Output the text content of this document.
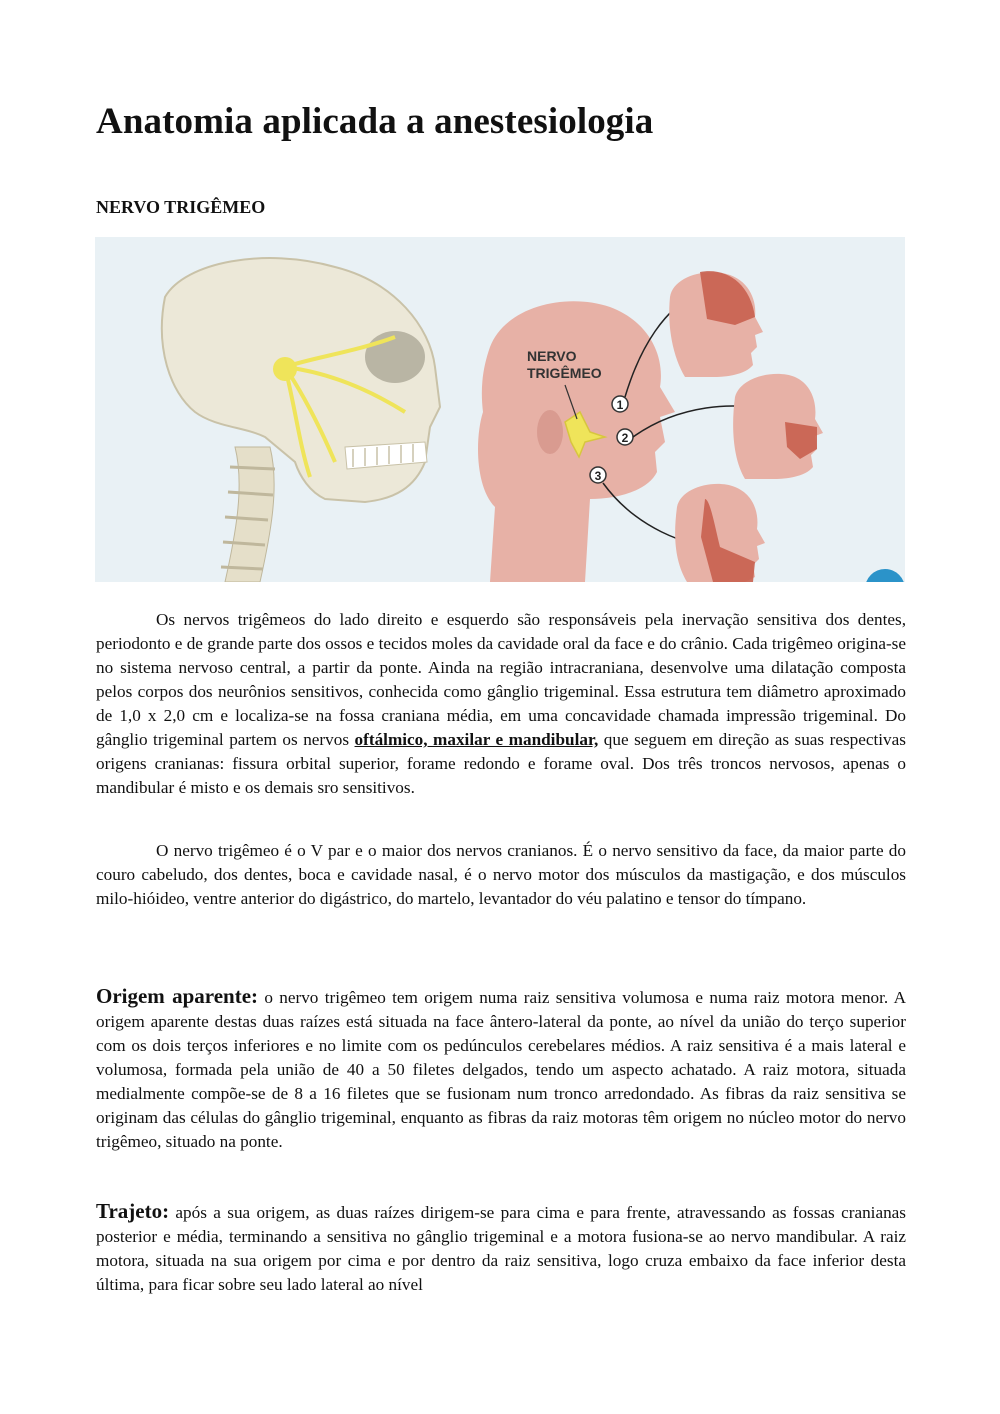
Anatomia aplicada a anestesiologia
NERVO TRIGÊMEO
NERVO
TRIGÊMEO
1
2
3

Os nervos trigêmeos do lado direito e esquerdo são responsáveis pela inervação sensitiva dos dentes, periodonto e de grande parte dos ossos e tecidos moles da cavidade oral da face e do crânio. Cada trigêmeo origina-se no sistema nervoso central, a partir da ponte. Ainda na região intracraniana, desenvolve uma dilatação composta pelos corpos dos neurônios sensitivos, conhecida como gânglio trigeminal. Essa estrutura tem diâmetro aproximado de 1,0 x 2,0 cm e localiza-se na fossa craniana média, em uma concavidade chamada impressão trigeminal. Do gânglio trigeminal partem os nervos oftálmico, maxilar e mandibular, que seguem em direção as suas respectivas origens cranianas: fissura orbital superior, forame redondo e forame oval. Dos três troncos nervosos, apenas o mandibular é misto e os demais sro sensitivos.

O nervo trigêmeo é o V par e o maior dos nervos cranianos. É o nervo sensitivo da face, da maior parte do couro cabeludo, dos dentes, boca e cavidade nasal, é o nervo motor dos músculos da mastigação, e dos músculos milo-hióideo, ventre anterior do digástrico, do martelo, levantador do véu palatino e tensor do tímpano.

Origem aparente: o nervo trigêmeo tem origem numa raiz sensitiva volumosa e numa raiz motora menor. A origem aparente destas duas raízes está situada na face ântero-lateral da ponte, ao nível da união do terço superior com os dois terços inferiores e no limite com os pedúnculos cerebelares médios. A raiz sensitiva é a mais lateral e volumosa, formada pela união de 40 a 50 filetes delgados, tendo um aspecto achatado. A raiz motora, situada medialmente compõe-se de 8 a 16 filetes que se fusionam num tronco arredondado. As fibras da raiz sensitiva se originam das células do gânglio trigeminal, enquanto as fibras da raiz motoras têm origem no núcleo motor do nervo trigêmeo, situado na ponte.

Trajeto: após a sua origem, as duas raízes dirigem-se para cima e para frente, atravessando as fossas cranianas posterior e média, terminando a sensitiva no gânglio trigeminal e a motora fusiona-se ao nervo mandibular. A raiz motora, situada na sua origem por cima e por dentro da raiz sensitiva, logo cruza embaixo da face inferior desta última, para ficar sobre seu lado lateral ao nível
